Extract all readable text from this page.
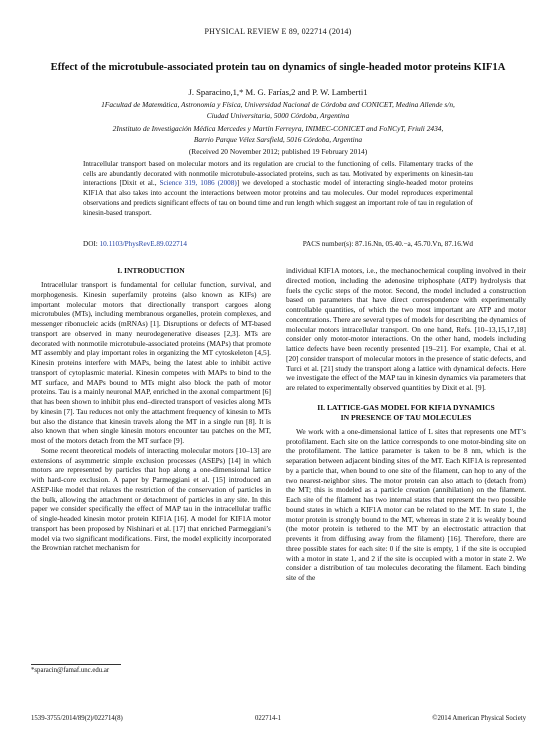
PHYSICAL REVIEW E 89, 022714 (2014)
Effect of the microtubule-associated protein tau on dynamics of single-headed motor proteins KIF1A
J. Sparacino,1,* M. G. Farías,2 and P. W. Lamberti1
1Facultad de Matemática, Astronomía y Física, Universidad Nacional de Córdoba and CONICET, Medina Allende s/n,
Ciudad Universitaria, 5000 Córdoba, Argentina
2Instituto de Investigación Médica Mercedes y Martín Ferreyra, INIMEC-CONICET and FoNCyT, Friuli 2434,
Barrio Parque Vélez Sarsfield, 5016 Córdoba, Argentina
(Received 20 November 2012; published 19 February 2014)
Intracellular transport based on molecular motors and its regulation are crucial to the functioning of cells. Filamentary tracks of the cells are abundantly decorated with nonmotile microtubule-associated proteins, such as tau. Motivated by experiments on kinesin-tau interactions [Dixit et al., Science 319, 1086 (2008)] we developed a stochastic model of interacting single-headed motor proteins KIF1A that also takes into account the interactions between motor proteins and tau molecules. Our model reproduces experimental observations and predicts significant effects of tau on bound time and run length which suggest an important role of tau in regulation of kinesin-based transport.
DOI: 10.1103/PhysRevE.89.022714	PACS number(s): 87.16.Nn, 05.40.−a, 45.70.Vn, 87.16.Wd
I. INTRODUCTION

Intracellular transport is fundamental for cellular function, survival, and morphogenesis. Kinesin superfamily proteins (also known as KIFs) are important molecular motors that directionally transport cargoes along microtubules (MTs), including membranous organelles, protein complexes, and messenger ribonucleic acids (mRNAs) [1]. Disruptions or defects of MT-based transport are observed in many neurodegenerative diseases [2,3]. MTs are decorated with nonmotile microtubule-associated proteins (MAPs) that promote MT assembly and play important roles in organizing the MT cytoskeleton [4,5]. Kinesin proteins interfere with MAPs, being the latest able to inhibit active transport of cytoplasmic material. Kinesin competes with MAPs to bind to the MT surface, and MAPs bound to MTs might also block the path of motor proteins. Tau is a mainly neuronal MAP, enriched in the axonal compartment [6] that has been shown to inhibit plus end–directed transport of vesicles along MTs by kinesin [7]. Tau reduces not only the attachment frequency of kinesin to MTs but also the distance that kinesin travels along the MT in a single run [8]. It is also known that when single kinesin motors encounter tau patches on the MT, most of the motors detach from the MT surface [9].

Some recent theoretical models of interacting molecular motors [10–13] are extensions of asymmetric simple exclusion processes (ASEPs) [14] in which motors are represented by particles that hop along a one-dimensional lattice with hard-core exclusion. A paper by Parmeggiani et al. [15] introduced an ASEP-like model that relaxes the restriction of the conservation of particles in the bulk, allowing the attachment or detachment of particles in any site. In this paper we consider specifically the effect of MAP tau in the intracellular traffic of single-headed kinesin motor protein KIF1A [16]. A model for KIF1A motor transport has been proposed by Nishinari et al. [17] that enriched Parmeggiani’s model via two significant modifications. First, the model explicitly incorporated the Brownian ratchet mechanism for

individual KIF1A motors, i.e., the mechanochemical coupling involved in their directed motion, including the adenosine triphosphate (ATP) hydrolysis that fuels the cyclic steps of the motor. Second, the model included a construction based on parameters that have direct correspondence with experimentally controllable quantities, of which the two most important are ATP and motor concentrations. There are several types of models for describing the dynamics of molecular motors intracellular transport. On one hand, Refs. [10–13,15,17,18] consider only motor-motor interactions. On the other hand, models including lattice defects have been recently presented [19–21]. For example, Chai et al. [20] consider transport of molecular motors in the presence of static defects, and Turci et al. [21] study the transport along a lattice with dynamical defects. Here we investigate the effect of the MAP tau in kinesin dynamics via parameters that are related to experimentally observed quantities by Dixit et al. [9].

II. LATTICE-GAS MODEL FOR KIF1A DYNAMICS
IN PRESENCE OF TAU MOLECULES

We work with a one-dimensional lattice of L sites that represents one MT’s protofilament. Each site on the lattice corresponds to one motor-binding site on the protofilament. The lattice parameter is taken to be 8 nm, which is the separation between adjacent binding sites of the MT. Each KIF1A is represented by a particle that, when bound to one site of the filament, can hop to any of the two nearest-neighbor sites. The motor protein can also attach to (detach from) the MT; this is modeled as a particle creation (annihilation) on the filament. Each site of the filament has two internal states that represent the two possible bound states in which a KIF1A motor can be related to the MT. In state 1, the motor protein is strongly bound to the MT, whereas in state 2 it is weakly bound (the motor protein is tethered to the MT by an electrostatic attraction that prevents it from diffusing away from the filament) [16]. Therefore, there are three possible states for each site: 0 if the site is empty, 1 if the site is occupied with a motor in state 1, and 2 if the site is occupied with a motor in state 2. We consider a distribution of tau molecules decorating the filament. Each binding site of the

*sparacin@famaf.unc.edu.ar
1539-3755/2014/89(2)/022714(8)	022714-1	©2014 American Physical Society
